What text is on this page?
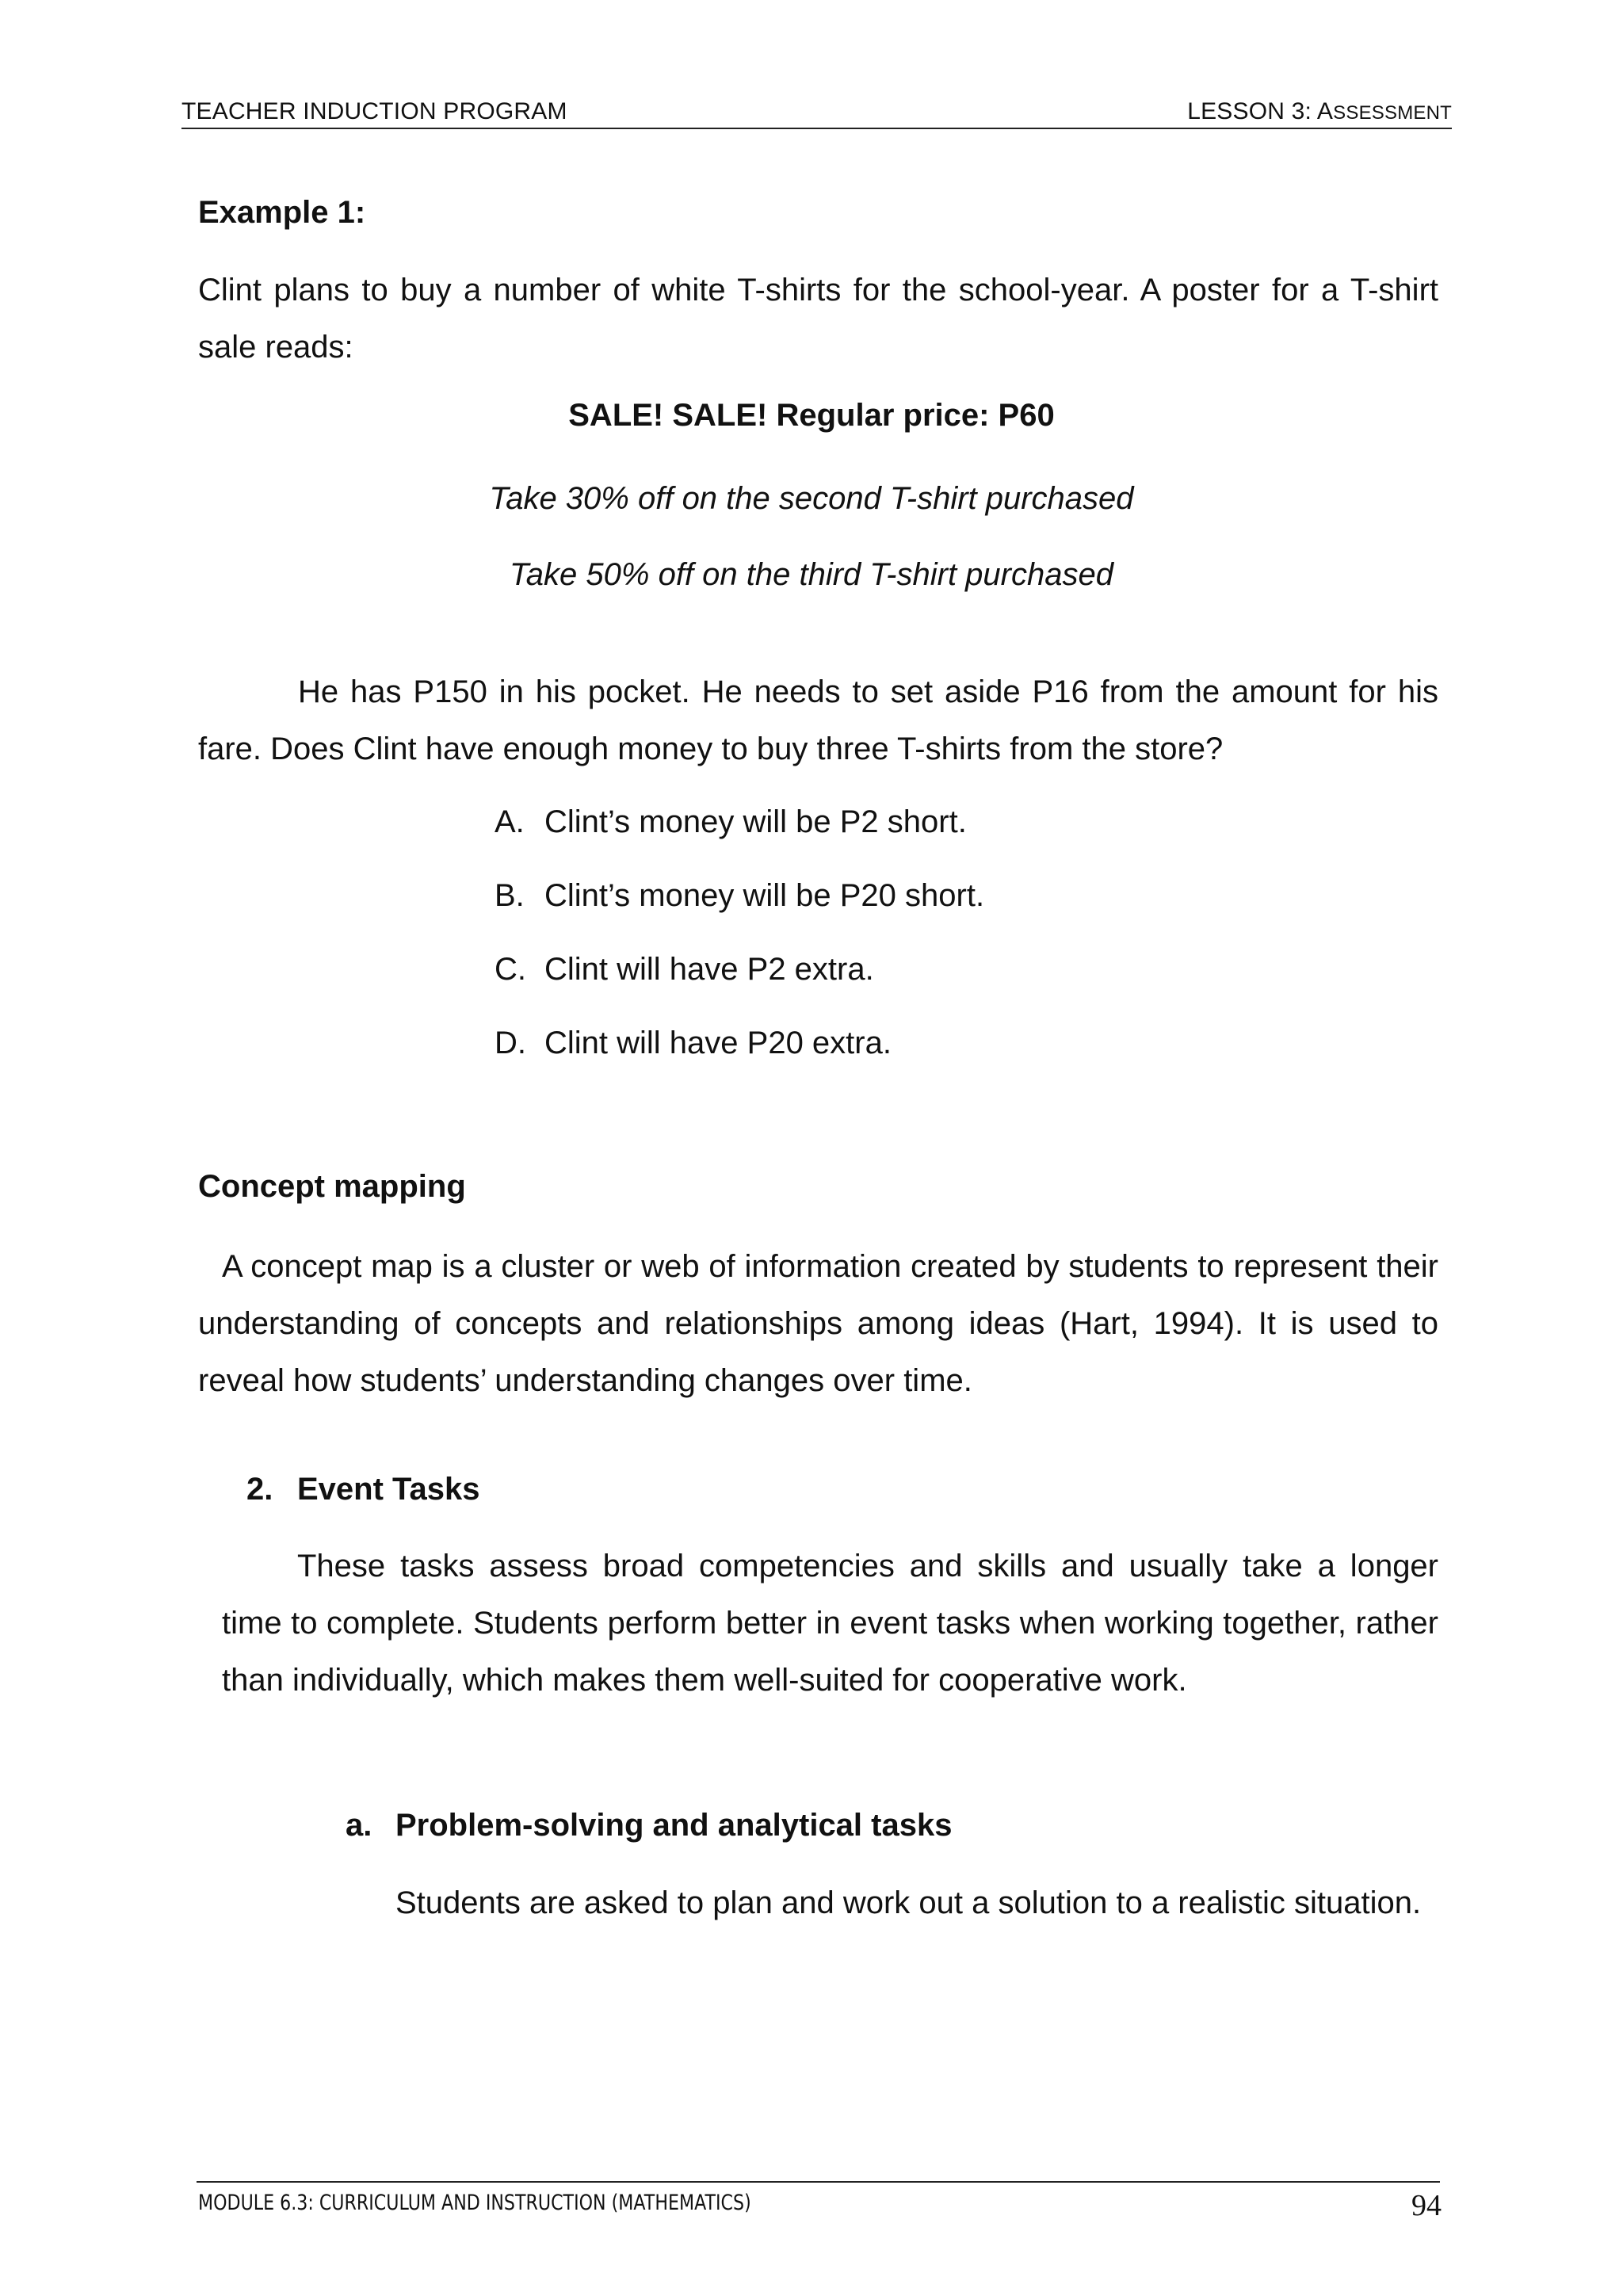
TEACHER INDUCTION PROGRAM	LESSON 3: ASSESSMENT
Example 1:
Clint plans to buy a number of white T-shirts for the school-year. A poster for a T-shirt sale reads:
SALE! SALE! Regular price: P60
Take 30% off on the second T-shirt purchased
Take 50% off on the third T-shirt purchased
He has P150 in his pocket. He needs to set aside P16 from the amount for his fare. Does Clint have enough money to buy three T-shirts from the store?
A. Clint’s money will be P2 short.
B. Clint’s money will be P20 short.
C. Clint will have P2 extra.
D. Clint will have P20 extra.
Concept mapping
A concept map is a cluster or web of information created by students to represent their understanding of concepts and relationships among ideas (Hart, 1994). It is used to reveal how students’ understanding changes over time.
2. Event Tasks
These tasks assess broad competencies and skills and usually take a longer time to complete. Students perform better in event tasks when working together, rather than individually, which makes them well-suited for cooperative work.
a. Problem-solving and analytical tasks
Students are asked to plan and work out a solution to a realistic situation.
MODULE 6.3: CURRICULUM AND INSTRUCTION (MATHEMATICS)	94
